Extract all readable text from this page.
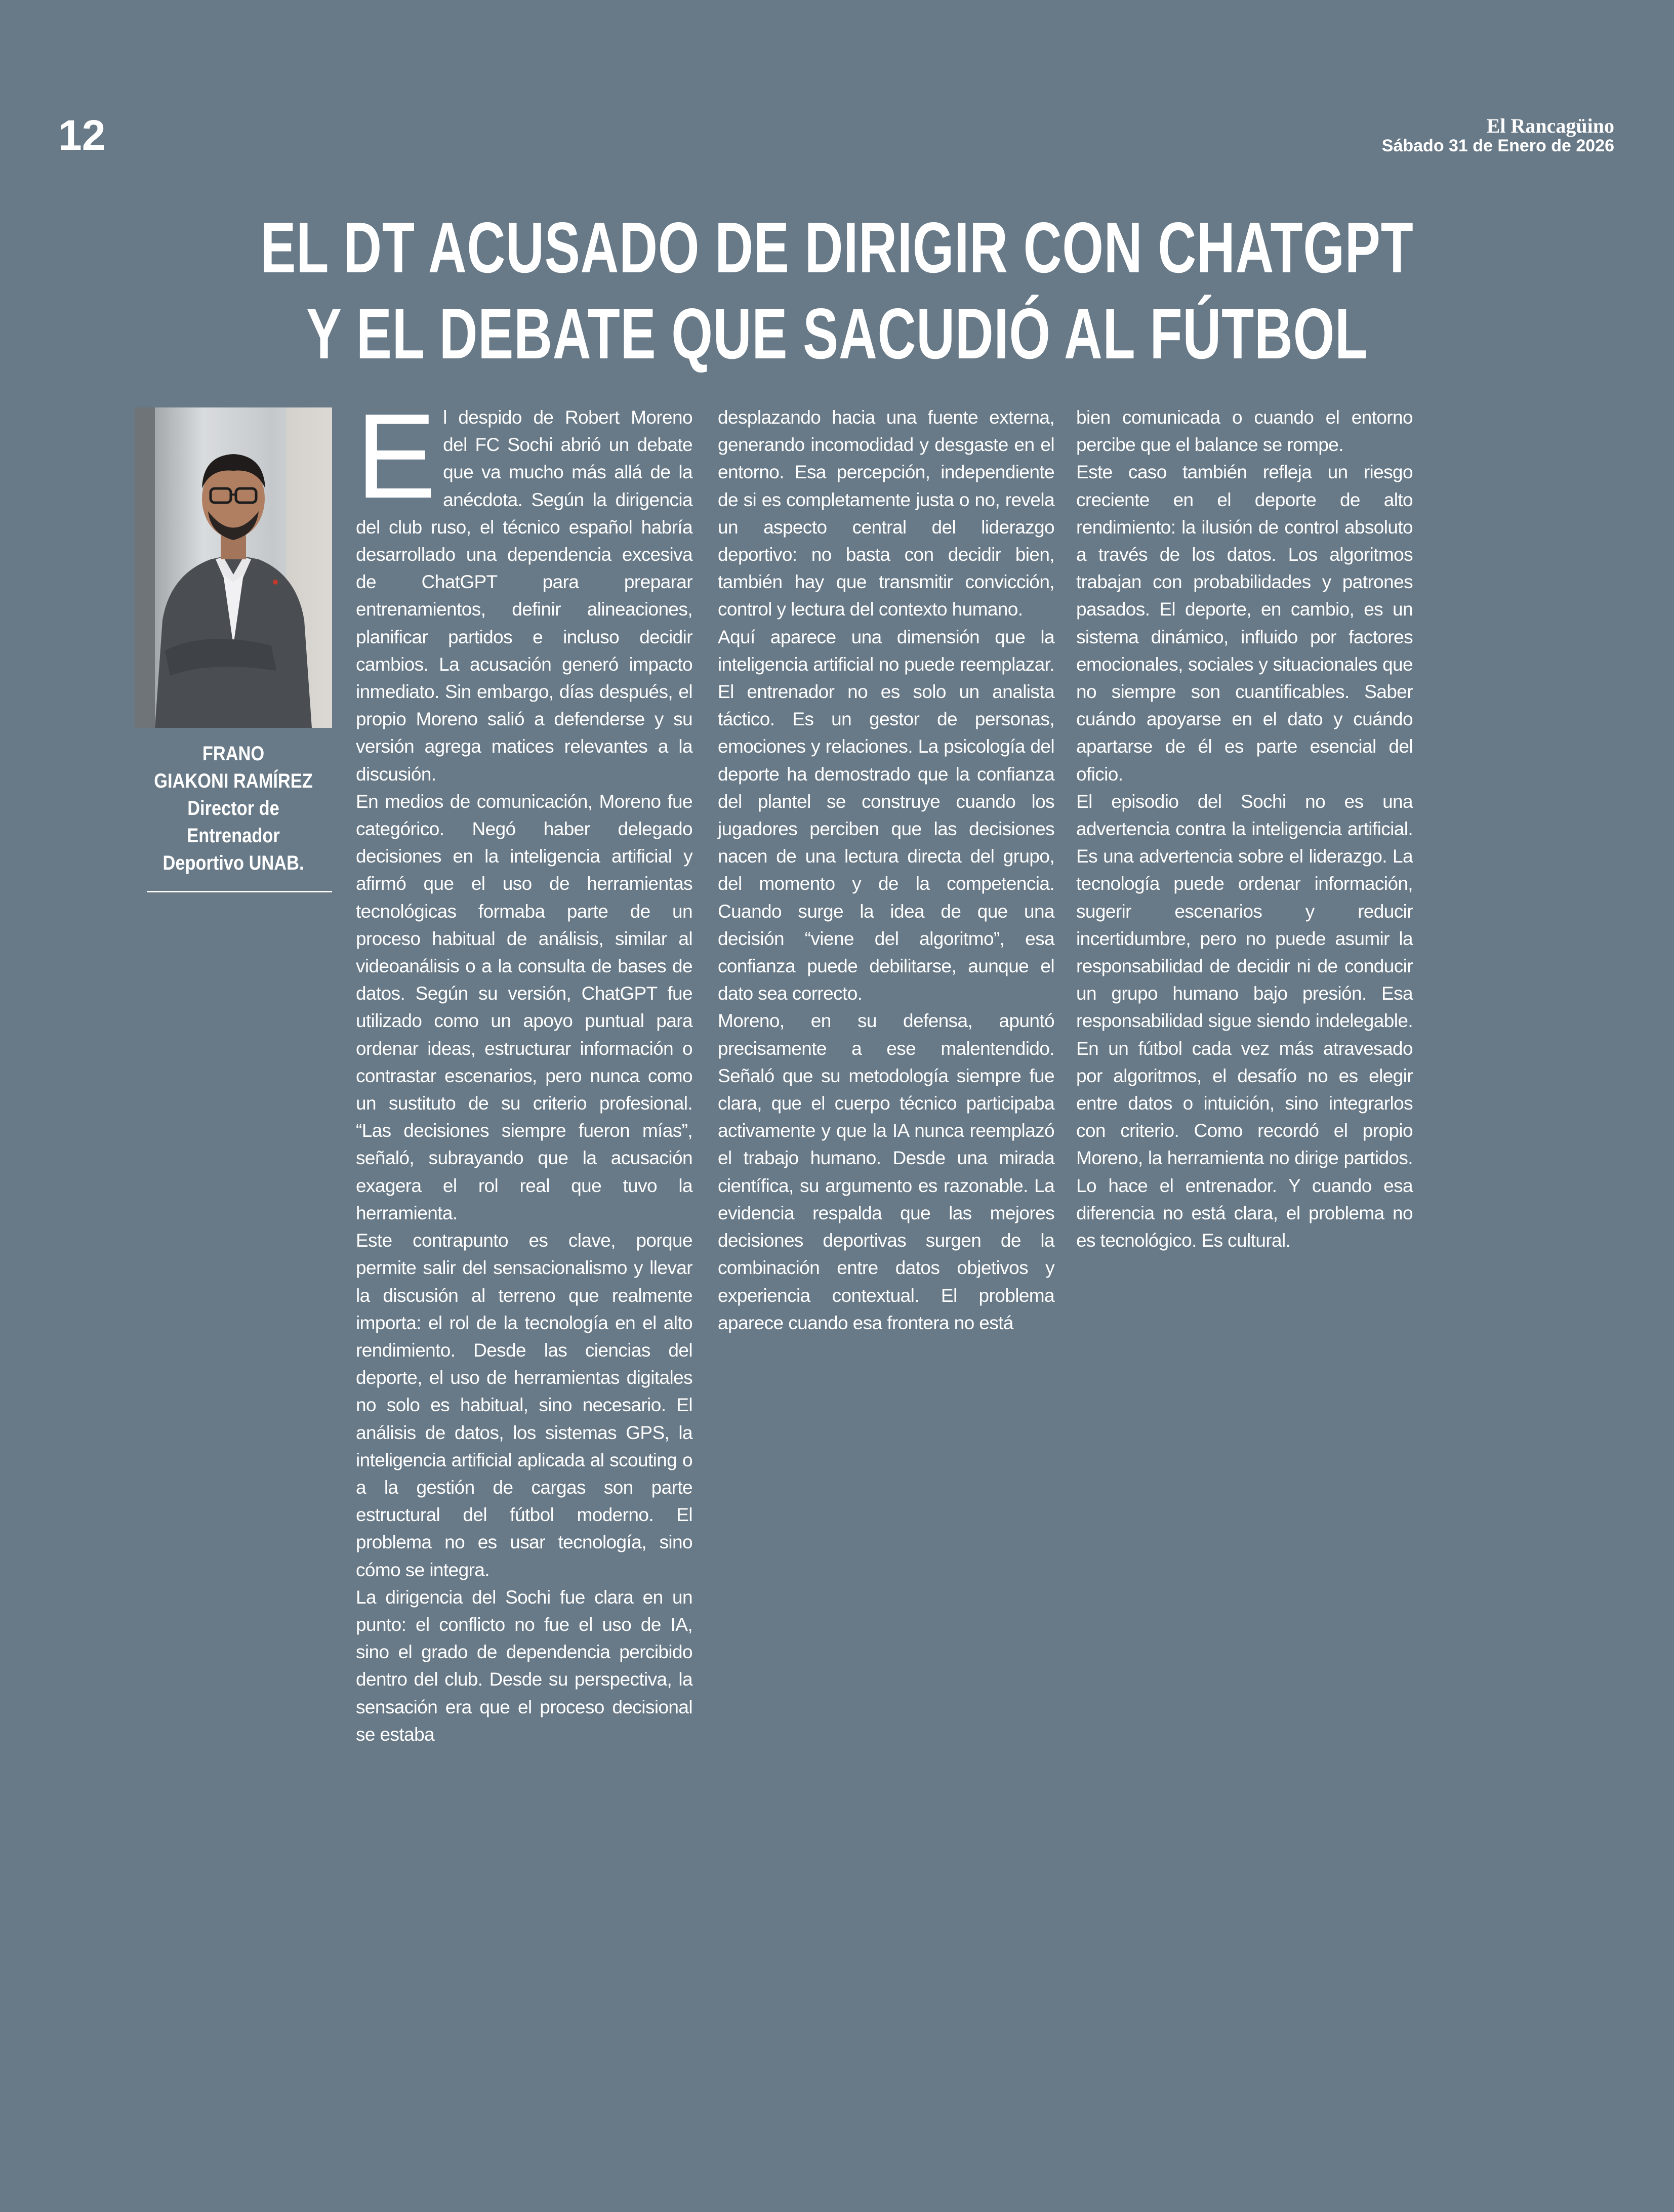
12	El Rancagüino
Sábado 31 de Enero de 2026
EL DT ACUSADO DE DIRIGIR CON CHATGPT
Y EL DEBATE QUE SACUDIÓ AL FÚTBOL
FRANO
GIAKONI RAMÍREZ
Director de
Entrenador
Deportivo UNAB.

El despido de Robert Moreno del FC Sochi abrió un debate que va mucho más allá de la anécdota. Según la dirigencia del club ruso, el técnico español habría desarrollado una dependencia excesiva de ChatGPT para preparar entrenamientos, definir alineaciones, planificar partidos e incluso decidir cambios. La acusación generó impacto inmediato. Sin embargo, días después, el propio Moreno salió a defenderse y su versión agrega matices relevantes a la discusión.

En medios de comunicación, Moreno fue categórico. Negó haber delegado decisiones en la inteligencia artificial y afirmó que el uso de herramientas tecnológicas formaba parte de un proceso habitual de análisis, similar al videoanálisis o a la consulta de bases de datos. Según su versión, ChatGPT fue utilizado como un apoyo puntual para ordenar ideas, estructurar información o contrastar escenarios, pero nunca como un sustituto de su criterio profesional. “Las decisiones siempre fueron mías”, señaló, subrayando que la acusación exagera el rol real que tuvo la herramienta.

Este contrapunto es clave, porque permite salir del sensacionalismo y llevar la discusión al terreno que realmente importa: el rol de la tecnología en el alto rendimiento. Desde las ciencias del deporte, el uso de herramientas digitales no solo es habitual, sino necesario. El análisis de datos, los sistemas GPS, la inteligencia artificial aplicada al scouting o a la gestión de cargas son parte estructural del fútbol moderno. El problema no es usar tecnología, sino cómo se integra.

La dirigencia del Sochi fue clara en un punto: el conflicto no fue el uso de IA, sino el grado de dependencia percibido dentro del club. Desde su perspectiva, la sensación era que el proceso decisional se estaba

desplazando hacia una fuente externa, generando incomodidad y desgaste en el entorno. Esa percepción, independiente de si es completamente justa o no, revela un aspecto central del liderazgo deportivo: no basta con decidir bien, también hay que transmitir convicción, control y lectura del contexto humano.

Aquí aparece una dimensión que la inteligencia artificial no puede reemplazar. El entrenador no es solo un analista táctico. Es un gestor de personas, emociones y relaciones. La psicología del deporte ha demostrado que la confianza del plantel se construye cuando los jugadores perciben que las decisiones nacen de una lectura directa del grupo, del momento y de la competencia. Cuando surge la idea de que una decisión “viene del algoritmo”, esa confianza puede debilitarse, aunque el dato sea correcto.

Moreno, en su defensa, apuntó precisamente a ese malentendido. Señaló que su metodología siempre fue clara, que el cuerpo técnico participaba activamente y que la IA nunca reemplazó el trabajo humano. Desde una mirada científica, su argumento es razonable. La evidencia respalda que las mejores decisiones deportivas surgen de la combinación entre datos objetivos y experiencia contextual. El problema aparece cuando esa frontera no está

bien comunicada o cuando el entorno percibe que el balance se rompe.

Este caso también refleja un riesgo creciente en el deporte de alto rendimiento: la ilusión de control absoluto a través de los datos. Los algoritmos trabajan con probabilidades y patrones pasados. El deporte, en cambio, es un sistema dinámico, influido por factores emocionales, sociales y situacionales que no siempre son cuantificables. Saber cuándo apoyarse en el dato y cuándo apartarse de él es parte esencial del oficio.

El episodio del Sochi no es una advertencia contra la inteligencia artificial. Es una advertencia sobre el liderazgo. La tecnología puede ordenar información, sugerir escenarios y reducir incertidumbre, pero no puede asumir la responsabilidad de decidir ni de conducir un grupo humano bajo presión. Esa responsabilidad sigue siendo indelegable. En un fútbol cada vez más atravesado por algoritmos, el desafío no es elegir entre datos o intuición, sino integrarlos con criterio. Como recordó el propio Moreno, la herramienta no dirige partidos. Lo hace el entrenador. Y cuando esa diferencia no está clara, el problema no es tecnológico. Es cultural.
